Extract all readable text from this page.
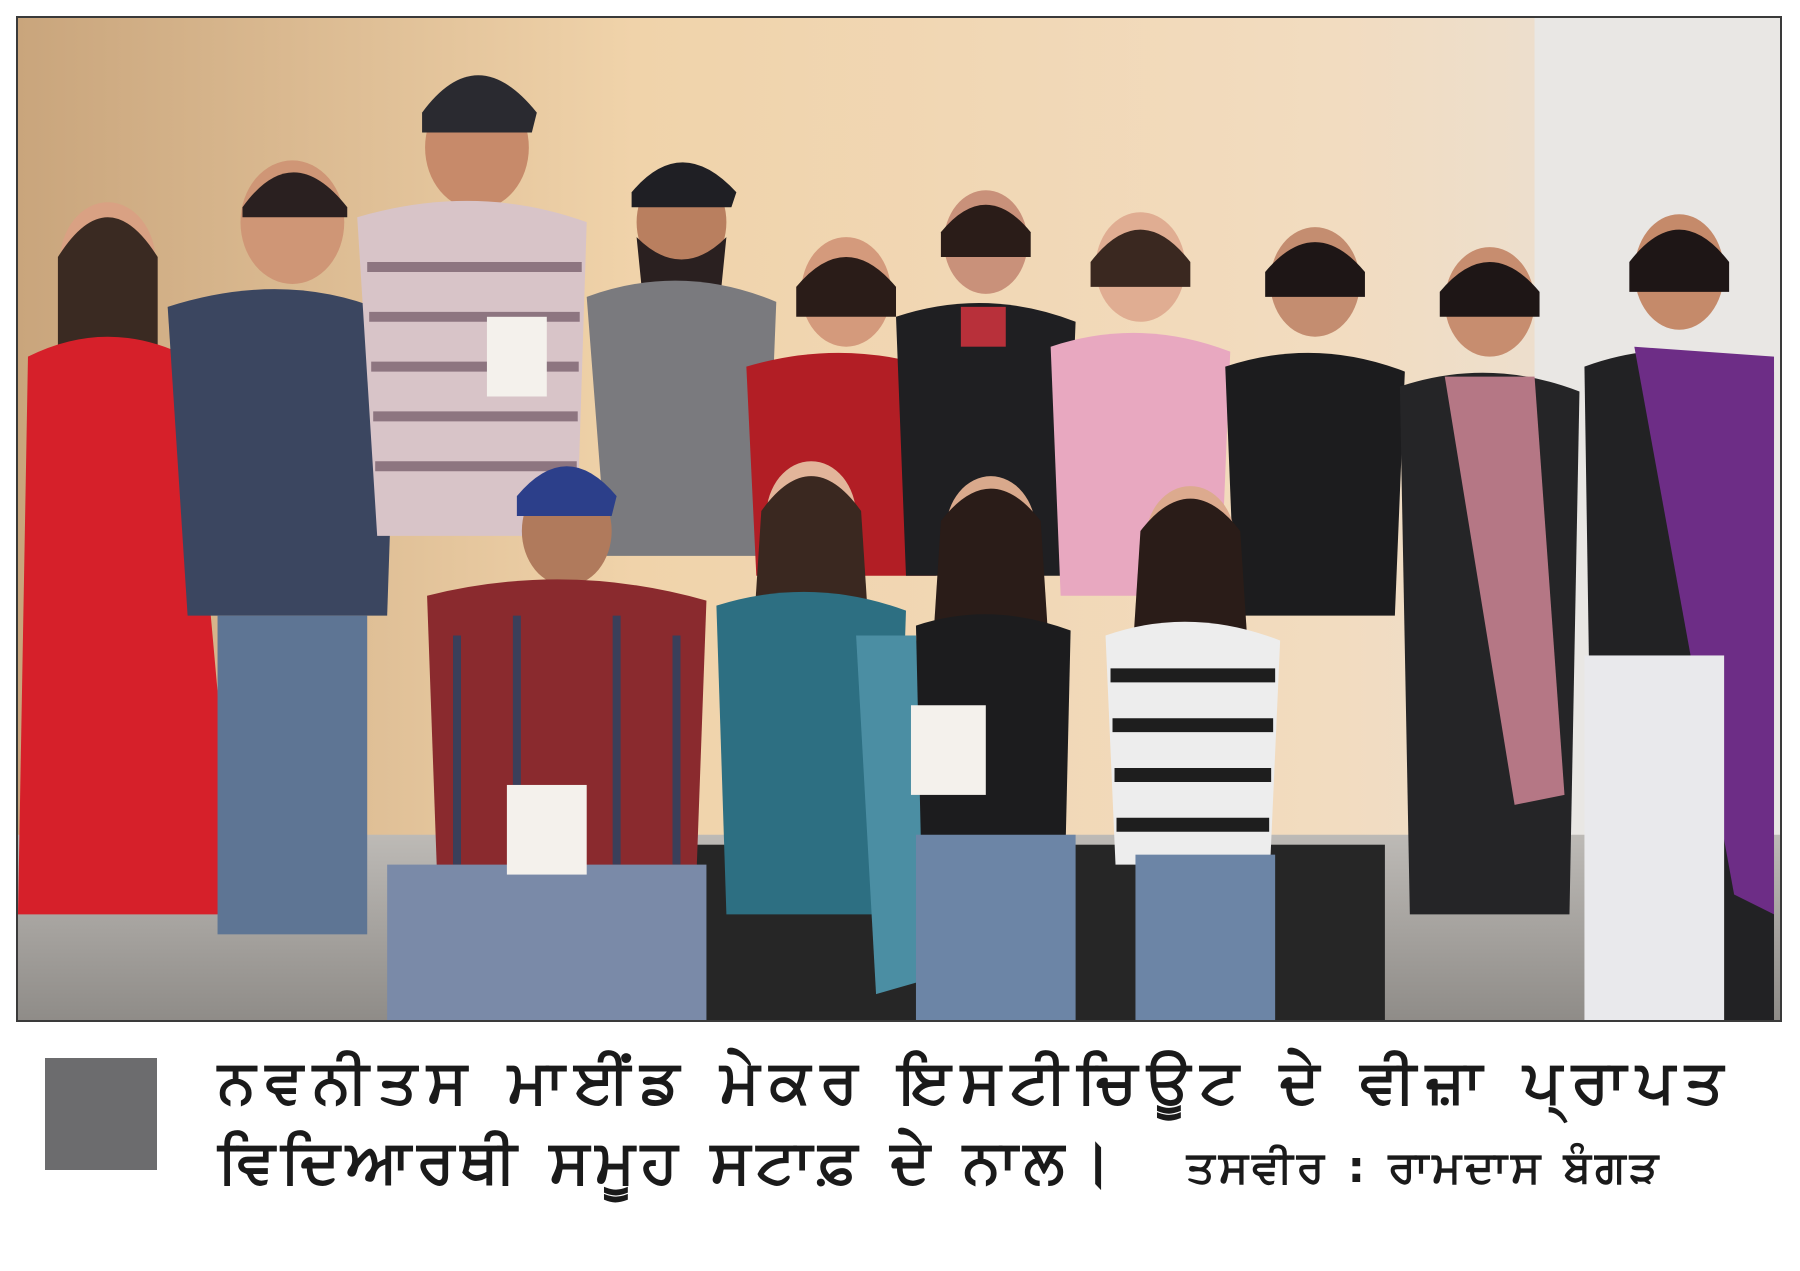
ਨਵਨੀਤਸ ਮਾਈਂਡ ਮੇਕਰ ਇਸਟੀਚਿਊਟ ਦੇ ਵੀਜ਼ਾ ਪ੍ਰਾਪਤ
ਵਿਦਿਆਰਥੀ ਸਮੂਹ ਸਟਾਫ਼ ਦੇ ਨਾਲ। ਤਸਵੀਰ : ਰਾਮਦਾਸ ਬੰਗੜ
